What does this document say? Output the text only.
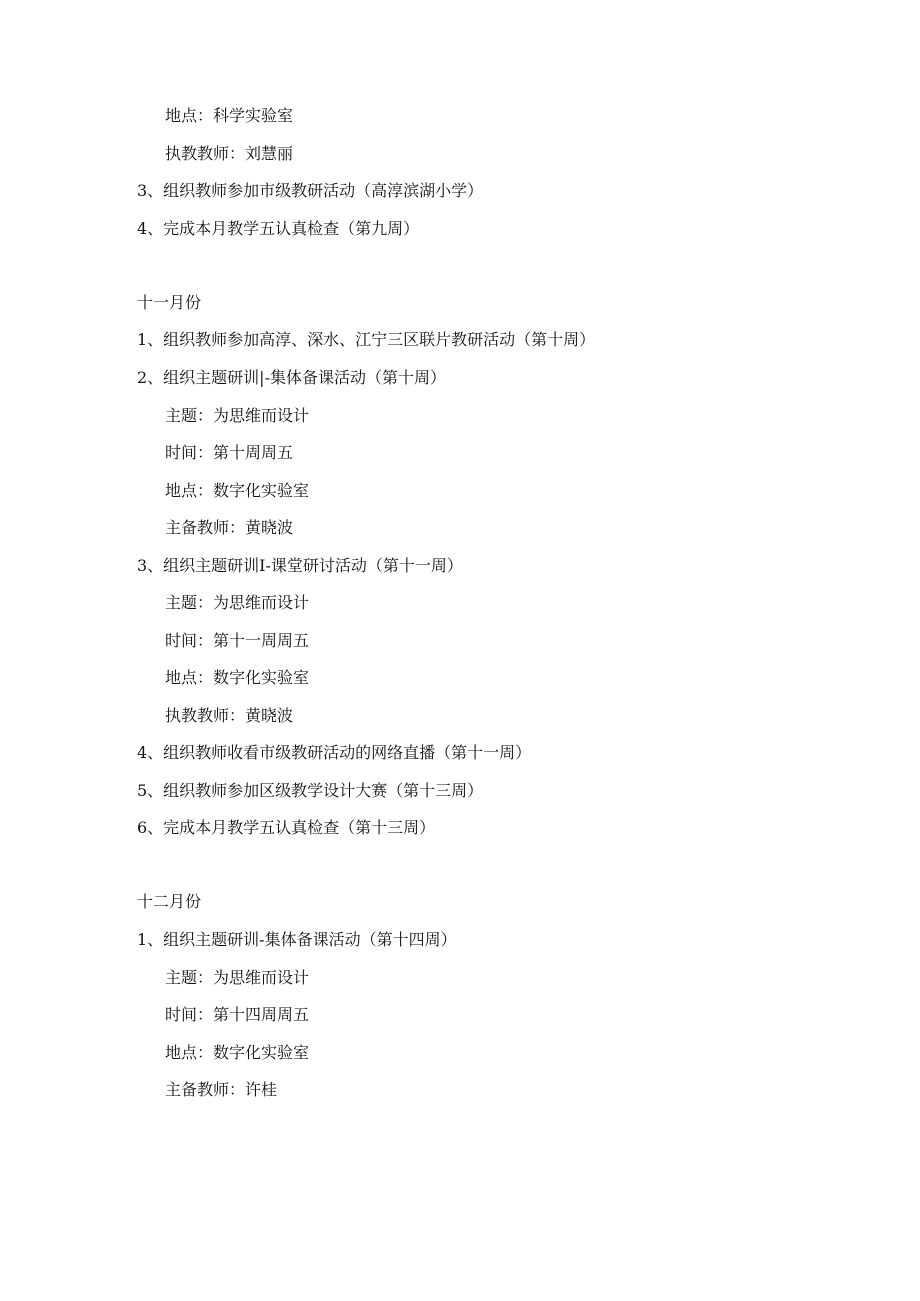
地点：科学实验室
执教教师：刘慧丽
3、组织教师参加市级教研活动（高淳滨湖小学）
4、完成本月教学五认真检查（第九周）
十一月份
1、组织教师参加高淳、深水、江宁三区联片教研活动（第十周）
2、组织主题研训|-集体备课活动（第十周）
主题：为思维而设计
时间：第十周周五
地点：数字化实验室
主备教师：黄晓波
3、组织主题研训I-课堂研讨活动（第十一周）
主题：为思维而设计
时间：第十一周周五
地点：数字化实验室
执教教师：黄晓波
4、组织教师收看市级教研活动的网络直播（第十一周）
5、组织教师参加区级教学设计大赛（第十三周）
6、完成本月教学五认真检查（第十三周）
十二月份
1、组织主题研训-集体备课活动（第十四周）
主题：为思维而设计
时间：第十四周周五
地点：数字化实验室
主备教师：许桂
